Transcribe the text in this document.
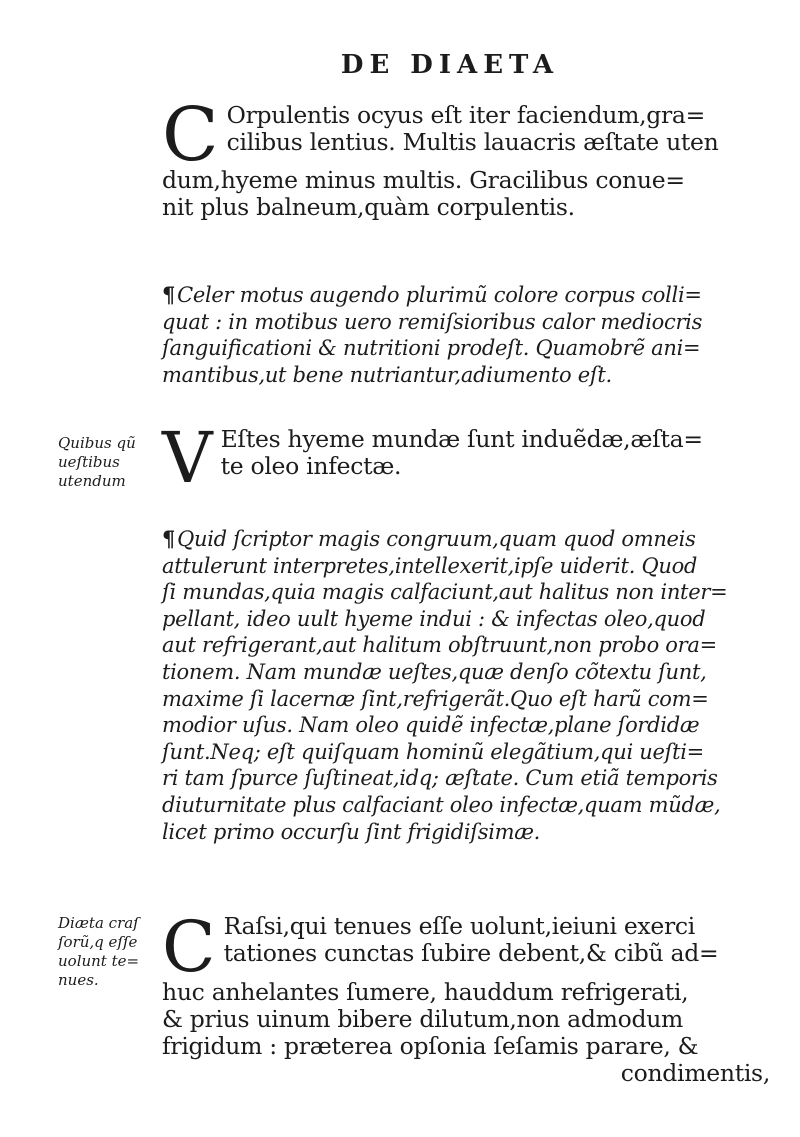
DE DIAETA
C Orpulentis ocyus eſt iter faciendum,gra=
cilibus lentius. Multis lauacris æſtate uten
dum,hyeme minus multis. Gracilibus conue=
nit plus balneum,quàm corpulentis.
¶Celer motus augendo plurimũ colore corpus colli=
quat : in motibus uero remiſsioribus calor mediocris
ſanguificationi & nutritioni prodeſt. Quamobrẽ ani=
mantibus,ut bene nutriantur,adiumento eſt.
Quibus qũ
ueſtibus
utendum V Eſtes hyeme mundæ ſunt induẽdæ,æſta=
te oleo infectæ.
¶Quid ſcriptor magis congruum,quam quod omneis
attulerunt interpretes,intellexerit,ipſe uiderit. Quod
ſi mundas,quia magis calfaciunt,aut halitus non inter=
pellant, ideo uult hyeme indui : & infectas oleo,quod
aut refrigerant,aut halitum obſtruunt,non probo ora=
tionem. Nam mundæ ueſtes,quæ denſo cõtextu ſunt,
maxime ſi lacernæ ſint,refrigerãt.Quo eſt harũ com=
modior uſus. Nam oleo quidẽ infectæ,plane ſordidæ
ſunt.Neq; eſt quiſquam hominũ elegãtium,qui ueſti=
ri tam ſpurce ſuſtineat,idq; æſtate. Cum etiã temporis
diuturnitate plus calfaciant oleo infectæ,quam mũdæ,
licet primo occurſu ſint frigidiſsimæ.
Diæta craſ
ſorũ,q eſſe
uolunt te=
nues. C Raſsi,qui tenues eſſe uolunt,ieiuni exerci
tationes cunctas ſubire debent,& cibũ ad=
huc anhelantes ſumere, hauddum refrigerati,
& prius uinum bibere dilutum,non admodum
frigidum : præterea opſonia ſeſamis parare, &
condimentis,
